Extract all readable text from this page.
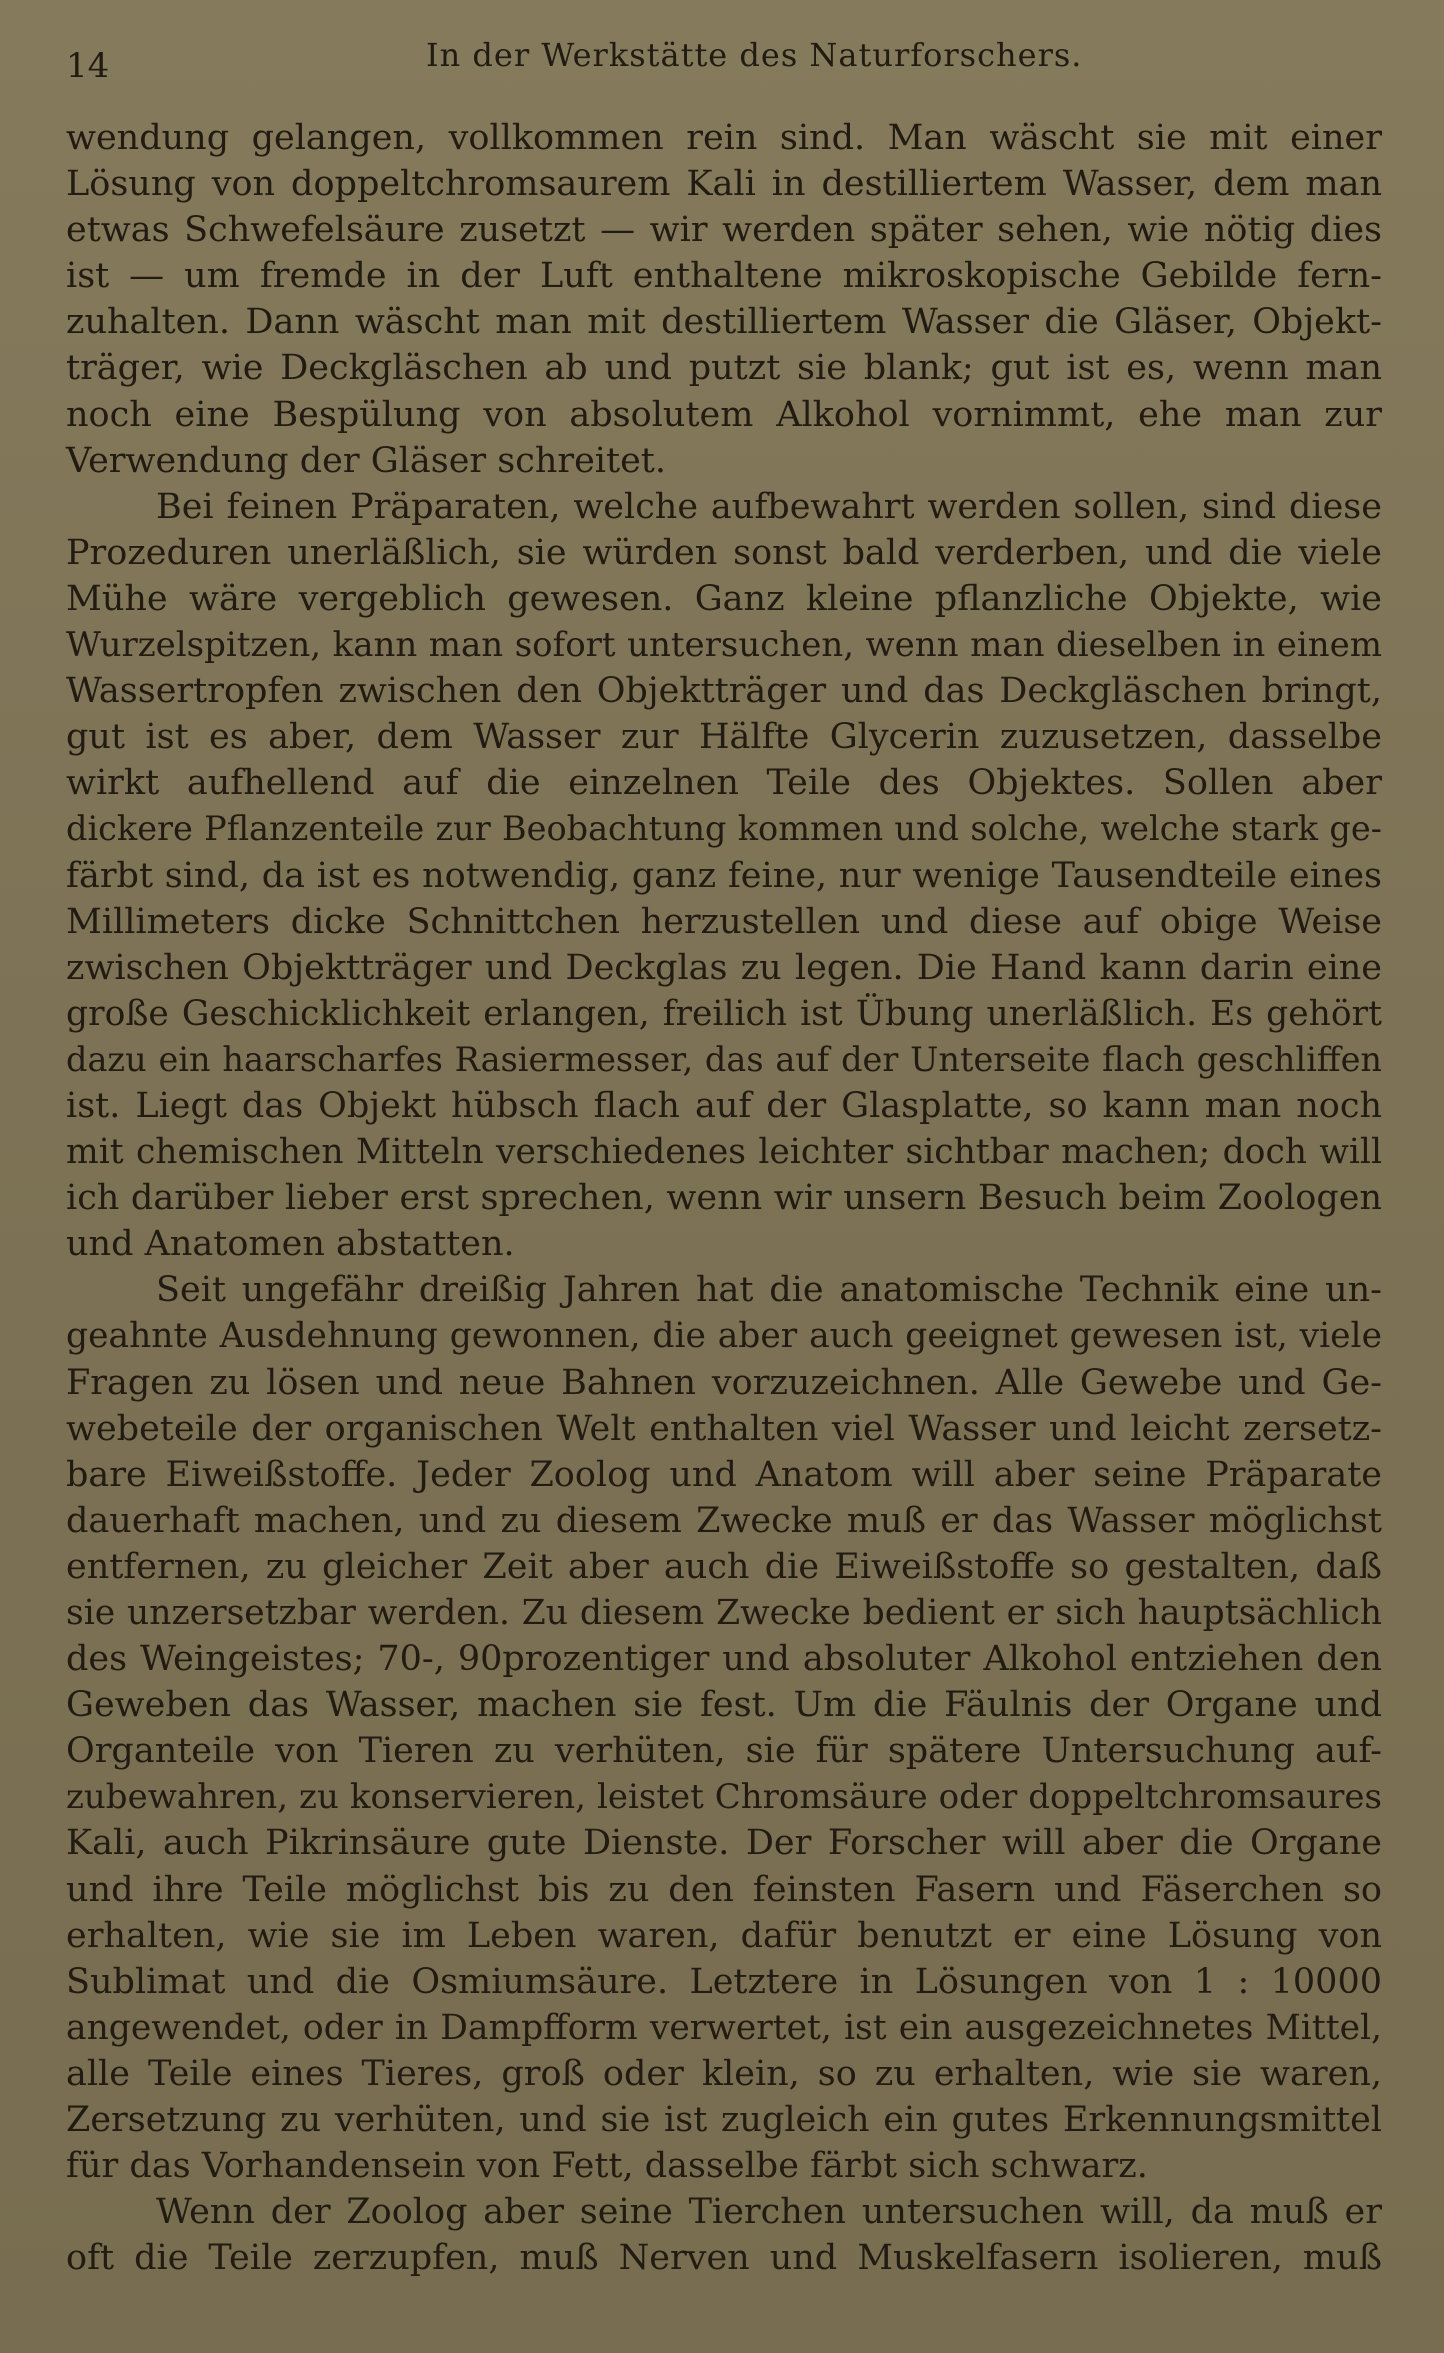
14	In der Werkstätte des Naturforschers.
wendung gelangen, vollkommen rein sind. Man wäscht sie mit einer
Lösung von doppeltchromsaurem Kali in destilliertem Wasser, dem man
etwas Schwefelsäure zusetzt — wir werden später sehen, wie nötig dies
ist — um fremde in der Luft enthaltene mikroskopische Gebilde fern-
zuhalten. Dann wäscht man mit destilliertem Wasser die Gläser, Objekt-
träger, wie Deckgläschen ab und putzt sie blank; gut ist es, wenn man
noch eine Bespülung von absolutem Alkohol vornimmt, ehe man zur
Verwendung der Gläser schreitet.
Bei feinen Präparaten, welche aufbewahrt werden sollen, sind diese
Prozeduren unerläßlich, sie würden sonst bald verderben, und die viele
Mühe wäre vergeblich gewesen. Ganz kleine pflanzliche Objekte, wie
Wurzelspitzen, kann man sofort untersuchen, wenn man dieselben in einem
Wassertropfen zwischen den Objektträger und das Deckgläschen bringt,
gut ist es aber, dem Wasser zur Hälfte Glycerin zuzusetzen, dasselbe
wirkt aufhellend auf die einzelnen Teile des Objektes. Sollen aber
dickere Pflanzenteile zur Beobachtung kommen und solche, welche stark ge-
färbt sind, da ist es notwendig, ganz feine, nur wenige Tausendteile eines
Millimeters dicke Schnittchen herzustellen und diese auf obige Weise
zwischen Objektträger und Deckglas zu legen. Die Hand kann darin eine
große Geschicklichkeit erlangen, freilich ist Übung unerläßlich. Es gehört
dazu ein haarscharfes Rasiermesser, das auf der Unterseite flach geschliffen
ist. Liegt das Objekt hübsch flach auf der Glasplatte, so kann man noch
mit chemischen Mitteln verschiedenes leichter sichtbar machen; doch will
ich darüber lieber erst sprechen, wenn wir unsern Besuch beim Zoologen
und Anatomen abstatten.
Seit ungefähr dreißig Jahren hat die anatomische Technik eine un-
geahnte Ausdehnung gewonnen, die aber auch geeignet gewesen ist, viele
Fragen zu lösen und neue Bahnen vorzuzeichnen. Alle Gewebe und Ge-
webeteile der organischen Welt enthalten viel Wasser und leicht zersetz-
bare Eiweißstoffe. Jeder Zoolog und Anatom will aber seine Präparate
dauerhaft machen, und zu diesem Zwecke muß er das Wasser möglichst
entfernen, zu gleicher Zeit aber auch die Eiweißstoffe so gestalten, daß
sie unzersetzbar werden. Zu diesem Zwecke bedient er sich hauptsächlich
des Weingeistes; 70-, 90prozentiger und absoluter Alkohol entziehen den
Geweben das Wasser, machen sie fest. Um die Fäulnis der Organe und
Organteile von Tieren zu verhüten, sie für spätere Untersuchung auf-
zubewahren, zu konservieren, leistet Chromsäure oder doppeltchromsaures
Kali, auch Pikrinsäure gute Dienste. Der Forscher will aber die Organe
und ihre Teile möglichst bis zu den feinsten Fasern und Fäserchen so
erhalten, wie sie im Leben waren, dafür benutzt er eine Lösung von
Sublimat und die Osmiumsäure. Letztere in Lösungen von 1 : 10000
angewendet, oder in Dampfform verwertet, ist ein ausgezeichnetes Mittel,
alle Teile eines Tieres, groß oder klein, so zu erhalten, wie sie waren,
Zersetzung zu verhüten, und sie ist zugleich ein gutes Erkennungsmittel
für das Vorhandensein von Fett, dasselbe färbt sich schwarz.
Wenn der Zoolog aber seine Tierchen untersuchen will, da muß er
oft die Teile zerzupfen, muß Nerven und Muskelfasern isolieren, muß
